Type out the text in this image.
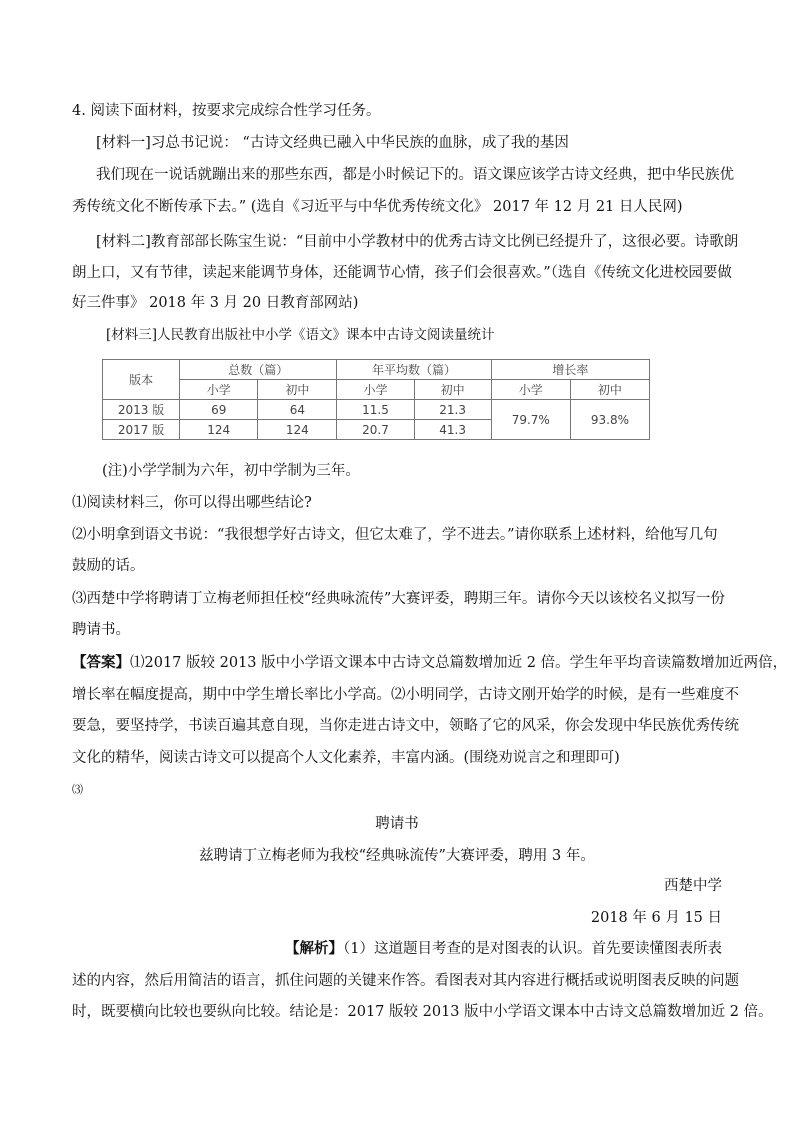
4. 阅读下面材料，按要求完成综合性学习任务。
[材料一]习总书记说： “古诗文经典已融入中华民族的血脉，成了我的基因
我们现在一说话就蹦出来的那些东西，都是小时候记下的。语文课应该学古诗文经典，把中华民族优
秀传统文化不断传承下去。” (选自《习近平与中华优秀传统文化》 2017 年 12 月 21 日人民网)
[材料二]教育部部长陈宝生说：“目前中小学教材中的优秀古诗文比例已经提升了，这很必要。诗歌朗
朗上口，又有节律，读起来能调节身体，还能调节心情，孩子们会很喜欢。”（选自《传统文化进校园要做
好三件事》 2018 年 3 月 20 日教育部网站)
[材料三]人民教育出版社中小学《语文》课本中古诗文阅读量统计
版本	总数（篇）		年平均数（篇）		增长率	
	小学	初中	小学	初中	小学	初中
2013 版	69	64	11.5	21.3	79.7%	93.8%
2017 版	124	124	20.7	41.3		
(注)小学学制为六年，初中学制为三年。
⑴阅读材料三，你可以得出哪些结论?
⑵小明拿到语文书说：“我很想学好古诗文，但它太难了，学不进去。”请你联系上述材料，给他写几句
鼓励的话。
⑶西楚中学将聘请丁立梅老师担任校“经典咏流传”大赛评委，聘期三年。请你今天以该校名义拟写一份
聘请书。
【答案】⑴2017 版较 2013 版中小学语文课本中古诗文总篇数增加近 2 倍。学生年平均音读篇数增加近两倍，
增长率在幅度提高，期中中学生增长率比小学高。⑵小明同学，古诗文刚开始学的时候，是有一些难度不
要急，要坚持学，书读百遍其意自现，当你走进古诗文中，领略了它的风采，你会发现中华民族优秀传统
文化的精华，阅读古诗文可以提高个人文化素养，丰富内涵。(围绕劝说言之和理即可)
⑶
聘请书
兹聘请丁立梅老师为我校“经典咏流传”大赛评委，聘用 3 年。
西楚中学
2018 年 6 月 15 日
【解析】（1）这道题目考查的是对图表的认识。首先要读懂图表所表
述的内容，然后用简洁的语言，抓住问题的关键来作答。看图表对其内容进行概括或说明图表反映的问题
时，既要横向比较也要纵向比较。结论是：2017 版较 2013 版中小学语文课本中古诗文总篇数增加近 2 倍。
